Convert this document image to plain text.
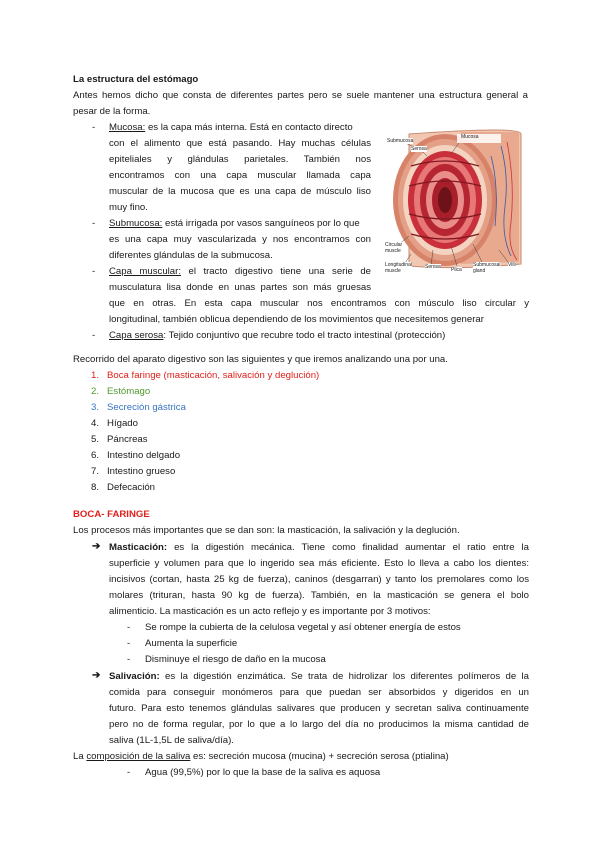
La estructura del estómago
Antes hemos dicho que consta de diferentes partes pero se suele mantener una estructura general a
pesar de la forma.
- Mucosa: es la capa más interna. Está en contacto directo
con el alimento que está pasando. Hay muchas células
epiteliales y glándulas parietales. También nos
encontramos con una capa muscular llamada capa
muscular de la mucosa que es una capa de músculo liso
muy fino.
- Submucosa: está irrigada por vasos sanguíneos por lo que
es una capa muy vascularizada y nos encontramos con
diferentes glándulas de la submucosa.
- Capa muscular: el tracto digestivo tiene una serie de
musculatura lisa donde en unas partes son más gruesas
que en otras. En esta capa muscular nos encontramos con músculo liso circular y
longitudinal, también oblicua dependiendo de los movimientos que necesitemos generar
- Capa serosa: Tejido conjuntivo que recubre todo el tracto intestinal (protección)
Mucosa
Submucosa
Serosa
Circular
muscle
Longitudinal
muscle
Serosa Plica
Submucosal
gland
Villi
Recorrido del aparato digestivo son las siguientes y que iremos analizando una por una.
1. Boca faringe (masticación, salivación y deglución)
2. Estómago
3. Secreción gástrica
4. Hígado
5. Páncreas
6. Intestino delgado
7. Intestino grueso
8. Defecación
BOCA- FARINGE
Los procesos más importantes que se dan son: la masticación, la salivación y la deglución.
➔ Masticación: es la digestión mecánica. Tiene como finalidad aumentar el ratio entre la
superficie y volumen para que lo ingerido sea más eficiente. Esto lo lleva a cabo los dientes:
incisivos (cortan, hasta 25 kg de fuerza), caninos (desgarran) y tanto los premolares como los
molares (trituran, hasta 90 kg de fuerza). También, en la masticación se genera el bolo
alimenticio. La masticación es un acto reflejo y es importante por 3 motivos:
- Se rompe la cubierta de la celulosa vegetal y así obtener energía de estos
- Aumenta la superficie
- Disminuye el riesgo de daño en la mucosa
➔ Salivación: es la digestión enzimática. Se trata de hidrolizar los diferentes polímeros de la
comida para conseguir monómeros para que puedan ser absorbidos y digeridos en un
futuro. Para esto tenemos glándulas salivares que producen y secretan saliva continuamente
pero no de forma regular, por lo que a lo largo del día no producimos la misma cantidad de
saliva (1L-1,5L de saliva/día).
La composición de la saliva es: secreción mucosa (mucina) + secreción serosa (ptialina)
- Agua (99,5%) por lo que la base de la saliva es aquosa
